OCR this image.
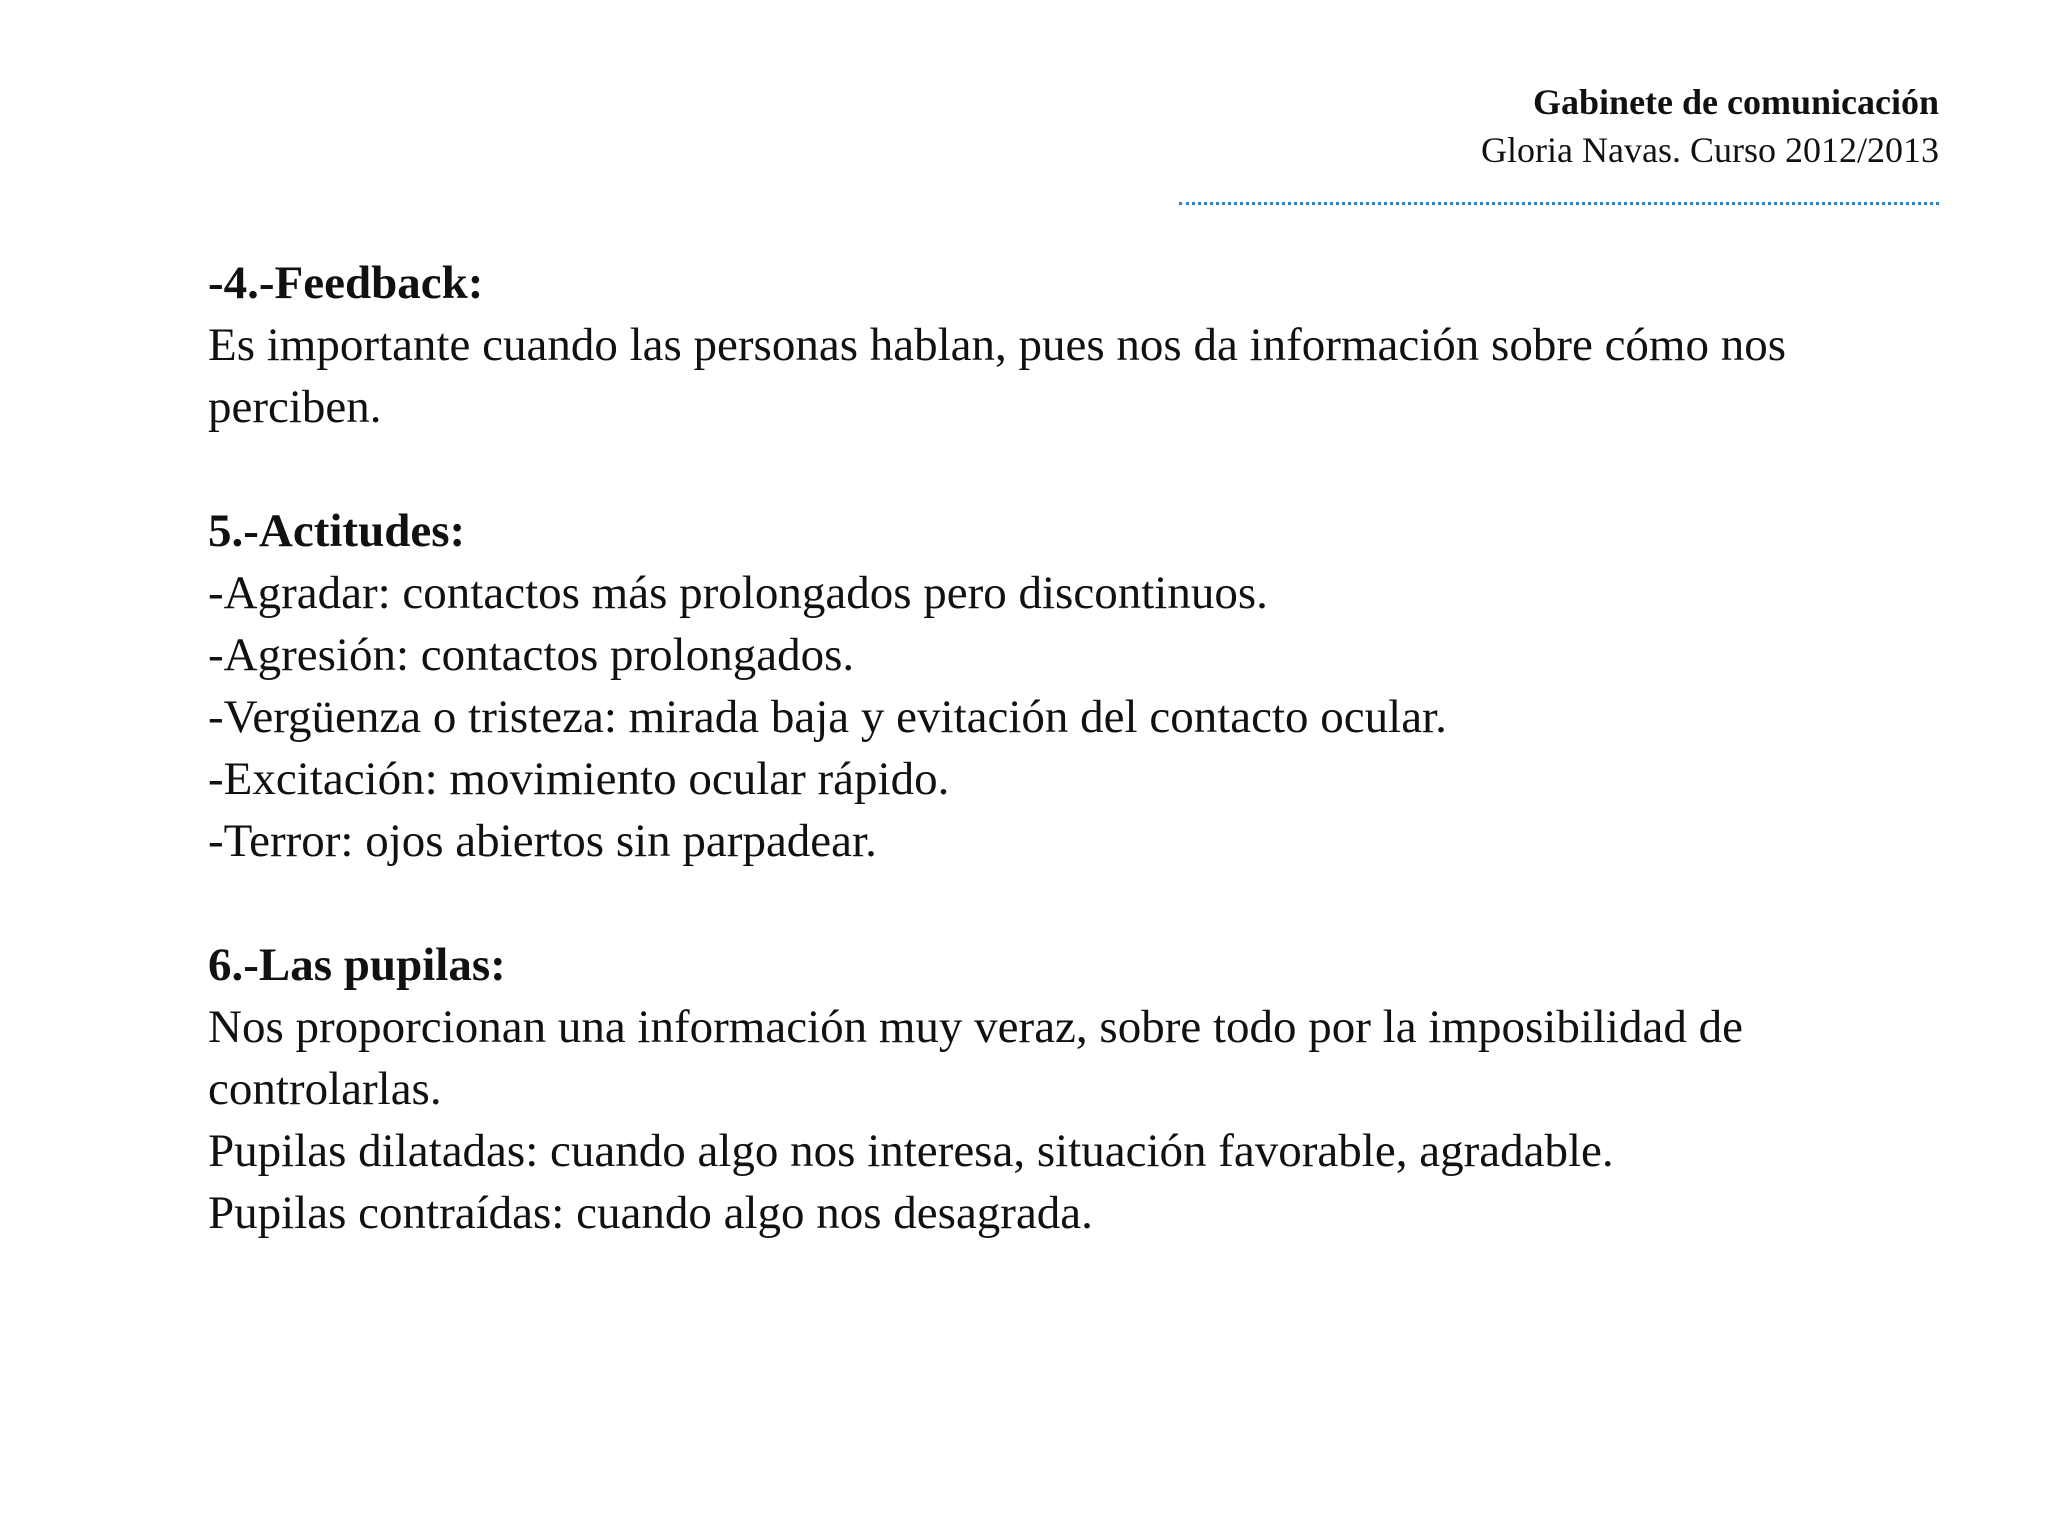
Gabinete de comunicación
Gloria Navas. Curso 2012/2013
-4.-Feedback:
Es importante cuando las personas hablan, pues nos da información sobre cómo nos perciben.
5.-Actitudes:
-Agradar: contactos más prolongados pero discontinuos.
-Agresión: contactos prolongados.
-Vergüenza o tristeza: mirada baja y evitación del contacto ocular.
-Excitación: movimiento ocular rápido.
-Terror: ojos abiertos sin parpadear.
6.-Las pupilas:
Nos proporcionan una información muy veraz, sobre todo por la imposibilidad de controlarlas.
Pupilas dilatadas: cuando algo nos interesa, situación favorable, agradable.
Pupilas contraídas: cuando algo nos desagrada.
